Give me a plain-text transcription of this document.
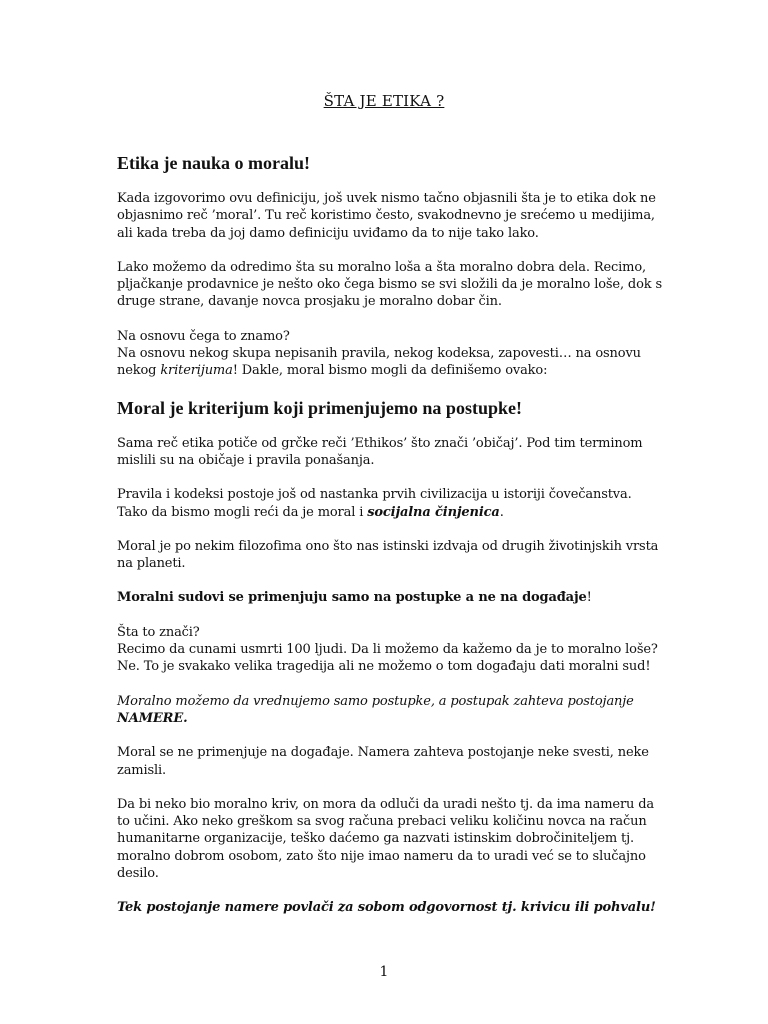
ŠTA JE ETIKA ?
Etika je nauka o moralu!
Kada izgovorimo ovu definiciju, još uvek nismo tačno objasnili šta je to etika dok ne objasnimo reč ’moral’. Tu reč koristimo često, svakodnevno je srećemo u medijima, ali kada treba da joj damo definiciju uviđamo da to nije tako lako.
Lako možemo da odredimo šta su moralno loša a šta moralno dobra dela. Recimo, pljačkanje prodavnice je nešto oko čega bismo se svi složili da je moralno loše, dok s druge strane, davanje novca prosjaku je moralno dobar čin.
Na osnovu čega to znamo?
Na osnovu nekog skupa nepisanih pravila, nekog kodeksa, zapovesti… na osnovu nekog kriterijuma! Dakle, moral bismo mogli da definišemo ovako:
Moral je kriterijum koji primenjujemo na postupke!
Sama reč etika potiče od grčke reči ’Ethikos’ što znači ’običaj’. Pod tim terminom mislili su na običaje i pravila ponašanja.
Pravila i kodeksi postoje još od nastanka prvih civilizacija u istoriji čovečanstva. Tako da bismo mogli reći da je moral i socijalna činjenica.
Moral je po nekim filozofima ono što nas istinski izdvaja od drugih životinjskih vrsta na planeti.
Moralni sudovi se primenjuju samo na postupke a ne na događaje!
Šta to znači?
Recimo da cunami usmrti 100 ljudi. Da li možemo da kažemo da je to moralno loše? Ne. To je svakako velika tragedija ali ne možemo o tom događaju dati moralni sud!
Moralno možemo da vrednujemo samo postupke, a postupak zahteva postojanje NAMERE.
Moral se ne primenjuje na događaje. Namera zahteva postojanje neke svesti, neke zamisli.
Da bi neko bio moralno kriv, on mora da odluči da uradi nešto tj. da ima nameru da to učini. Ako neko greškom sa svog računa prebaci veliku količinu novca na račun humanitarne organizacije, teško daćemo ga nazvati istinskim dobročiniteljem tj. moralno dobrom osobom, zato što nije imao nameru da to uradi već se to slučajno desilo.
Tek postojanje namere povlači za sobom odgovornost tj. krivicu ili pohvalu!
1
